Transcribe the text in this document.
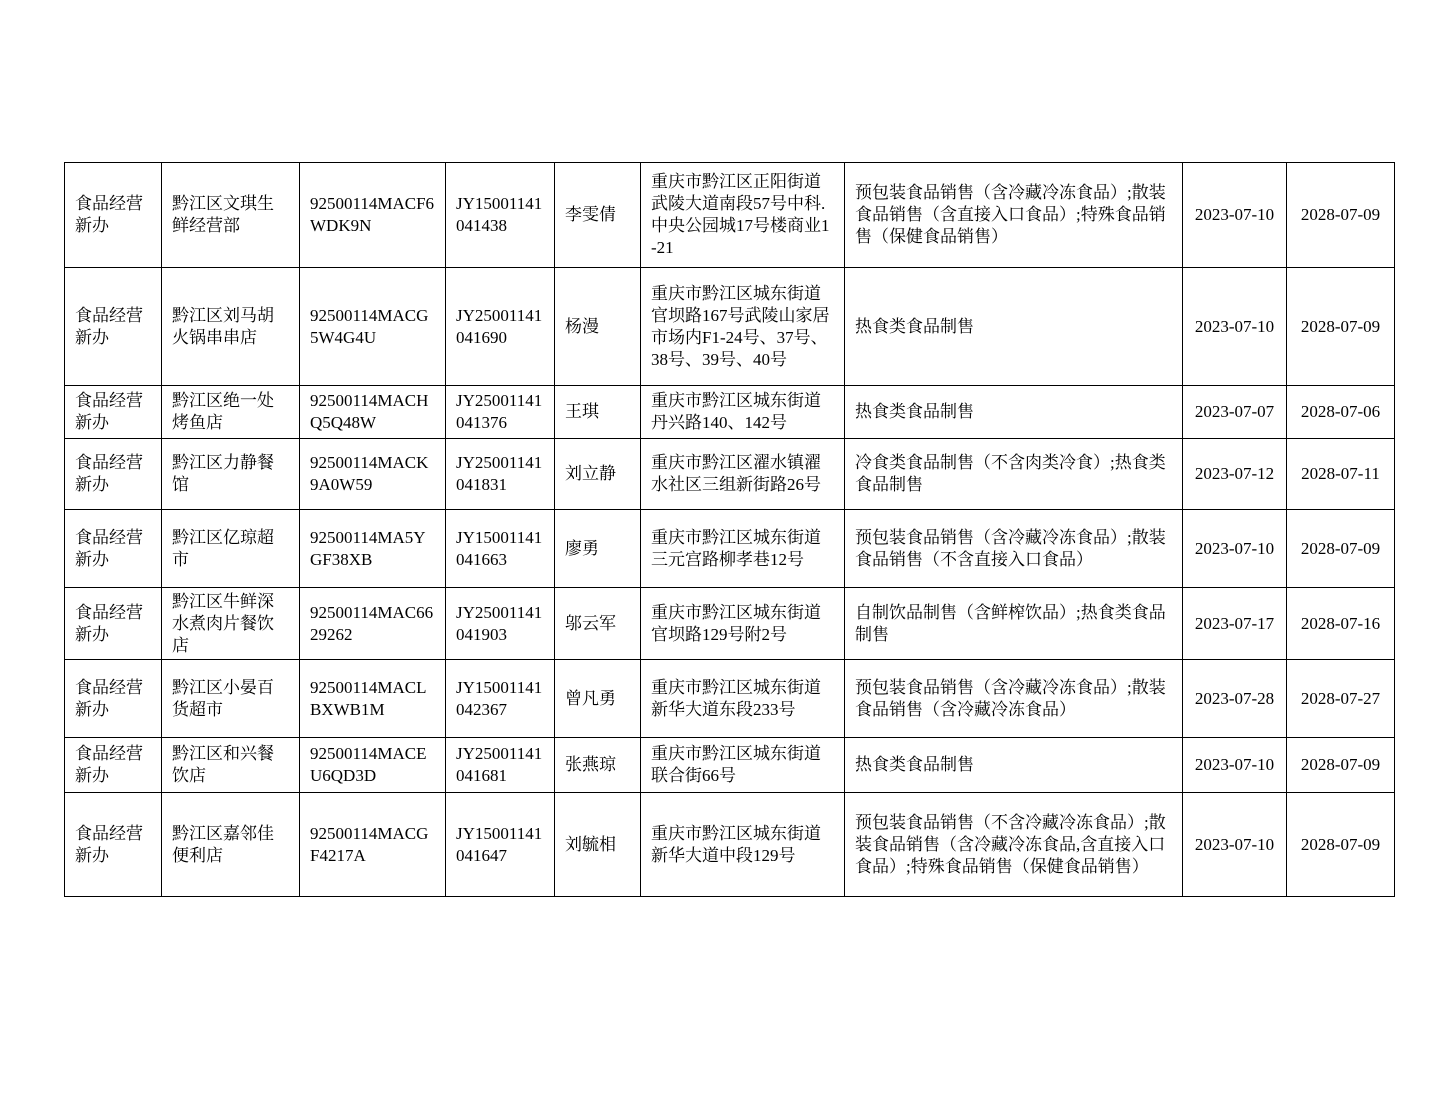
食品经营新办	黔江区文琪生鲜经营部	92500114MACF6WDK9N	JY15001141041438	李雯倩	重庆市黔江区正阳街道武陵大道南段57号中科.中央公园城17号楼商业1-21	预包装食品销售（含冷藏冷冻食品）;散装食品销售（含直接入口食品）;特殊食品销售（保健食品销售）	2023-07-10	2028-07-09
食品经营新办	黔江区刘马胡火锅串串店	92500114MACG5W4G4U	JY25001141041690	杨漫	重庆市黔江区城东街道官坝路167号武陵山家居市场内F1-24号、37号、38号、39号、40号	热食类食品制售	2023-07-10	2028-07-09
食品经营新办	黔江区绝一处烤鱼店	92500114MACHQ5Q48W	JY25001141041376	王琪	重庆市黔江区城东街道丹兴路140、142号	热食类食品制售	2023-07-07	2028-07-06
食品经营新办	黔江区力静餐馆	92500114MACK9A0W59	JY25001141041831	刘立静	重庆市黔江区濯水镇濯水社区三组新街路26号	冷食类食品制售（不含肉类冷食）;热食类食品制售	2023-07-12	2028-07-11
食品经营新办	黔江区亿琼超市	92500114MA5YGF38XB	JY15001141041663	廖勇	重庆市黔江区城东街道三元宫路柳孝巷12号	预包装食品销售（含冷藏冷冻食品）;散装食品销售（不含直接入口食品）	2023-07-10	2028-07-09
食品经营新办	黔江区牛鲜深水煮肉片餐饮店	92500114MAC6629262	JY25001141041903	邬云军	重庆市黔江区城东街道官坝路129号附2号	自制饮品制售（含鲜榨饮品）;热食类食品制售	2023-07-17	2028-07-16
食品经营新办	黔江区小晏百货超市	92500114MACLBXWB1M	JY15001141042367	曾凡勇	重庆市黔江区城东街道新华大道东段233号	预包装食品销售（含冷藏冷冻食品）;散装食品销售（含冷藏冷冻食品）	2023-07-28	2028-07-27
食品经营新办	黔江区和兴餐饮店	92500114MACEU6QD3D	JY25001141041681	张燕琼	重庆市黔江区城东街道联合街66号	热食类食品制售	2023-07-10	2028-07-09
食品经营新办	黔江区嘉邻佳便利店	92500114MACGF4217A	JY15001141041647	刘毓相	重庆市黔江区城东街道新华大道中段129号	预包装食品销售（不含冷藏冷冻食品）;散装食品销售（含冷藏冷冻食品,含直接入口食品）;特殊食品销售（保健食品销售）	2023-07-10	2028-07-09
